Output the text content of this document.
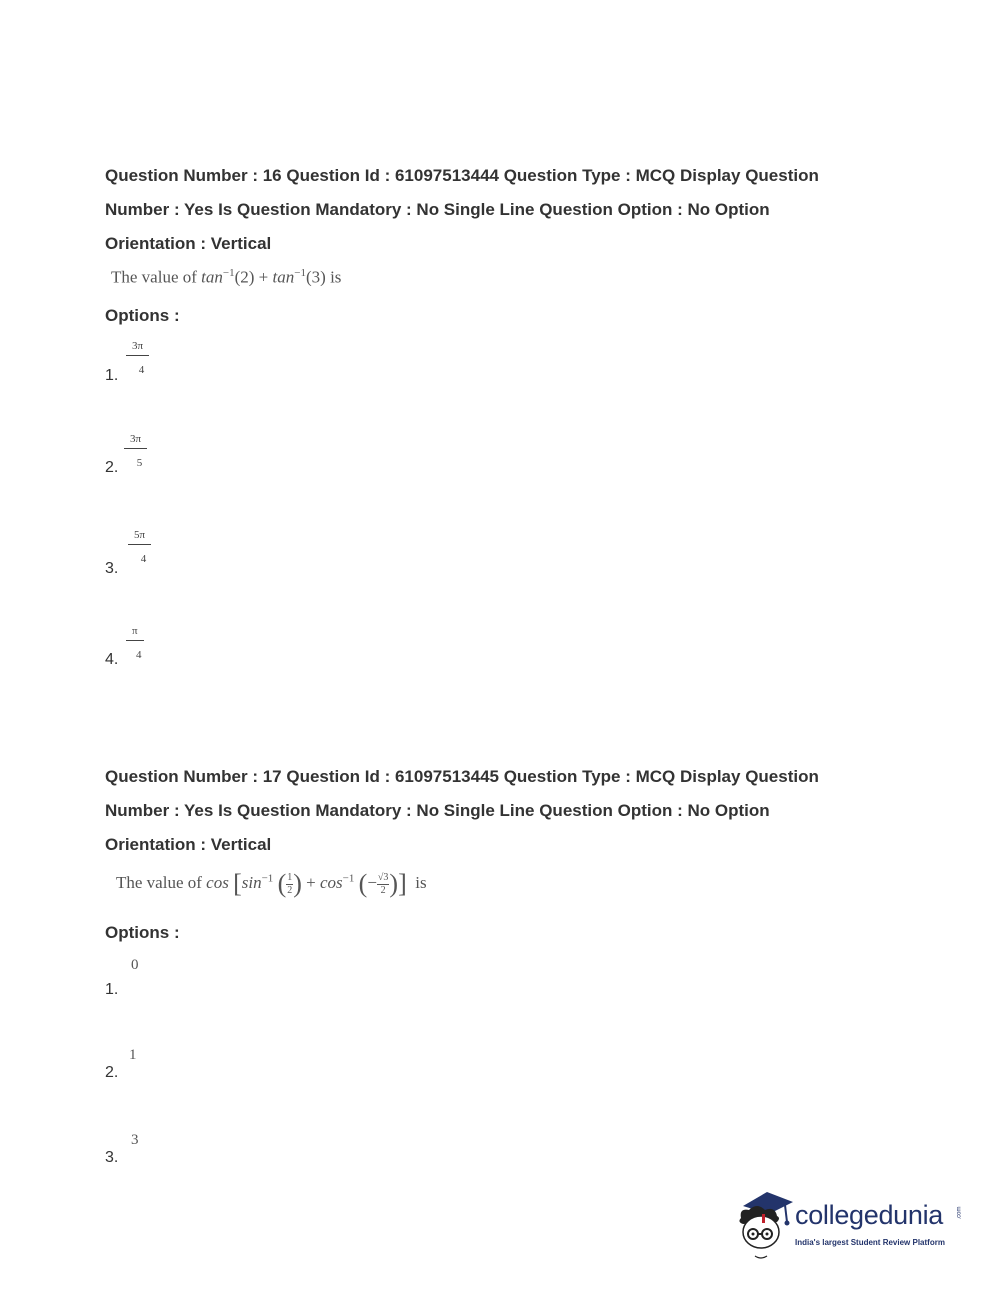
Question Number : 16 Question Id : 61097513444 Question Type : MCQ Display Question
Number : Yes Is Question Mandatory : No Single Line Question Option : No Option
Orientation : Vertical
The value of $\tan^{-1}(2) + \tan^{-1}(3)$ is
Options :
$\frac{3\pi}{4}$
1.
$\frac{3\pi}{5}$
2.
$\frac{5\pi}{4}$
3.
$\frac{\pi}{4}$
4.
Question Number : 17 Question Id : 61097513445 Question Type : MCQ Display Question
Number : Yes Is Question Mandatory : No Single Line Question Option : No Option
Orientation : Vertical
The value of $\cos [\sin^{-1}$ ( $\frac{1}{2}$ ) + $\cos^{-1}$ (− $\frac{√3}{2}$ )] is
Options :
0
1.
1
2.
3
3.
collegedunia .com
India's largest Student Review Platform
